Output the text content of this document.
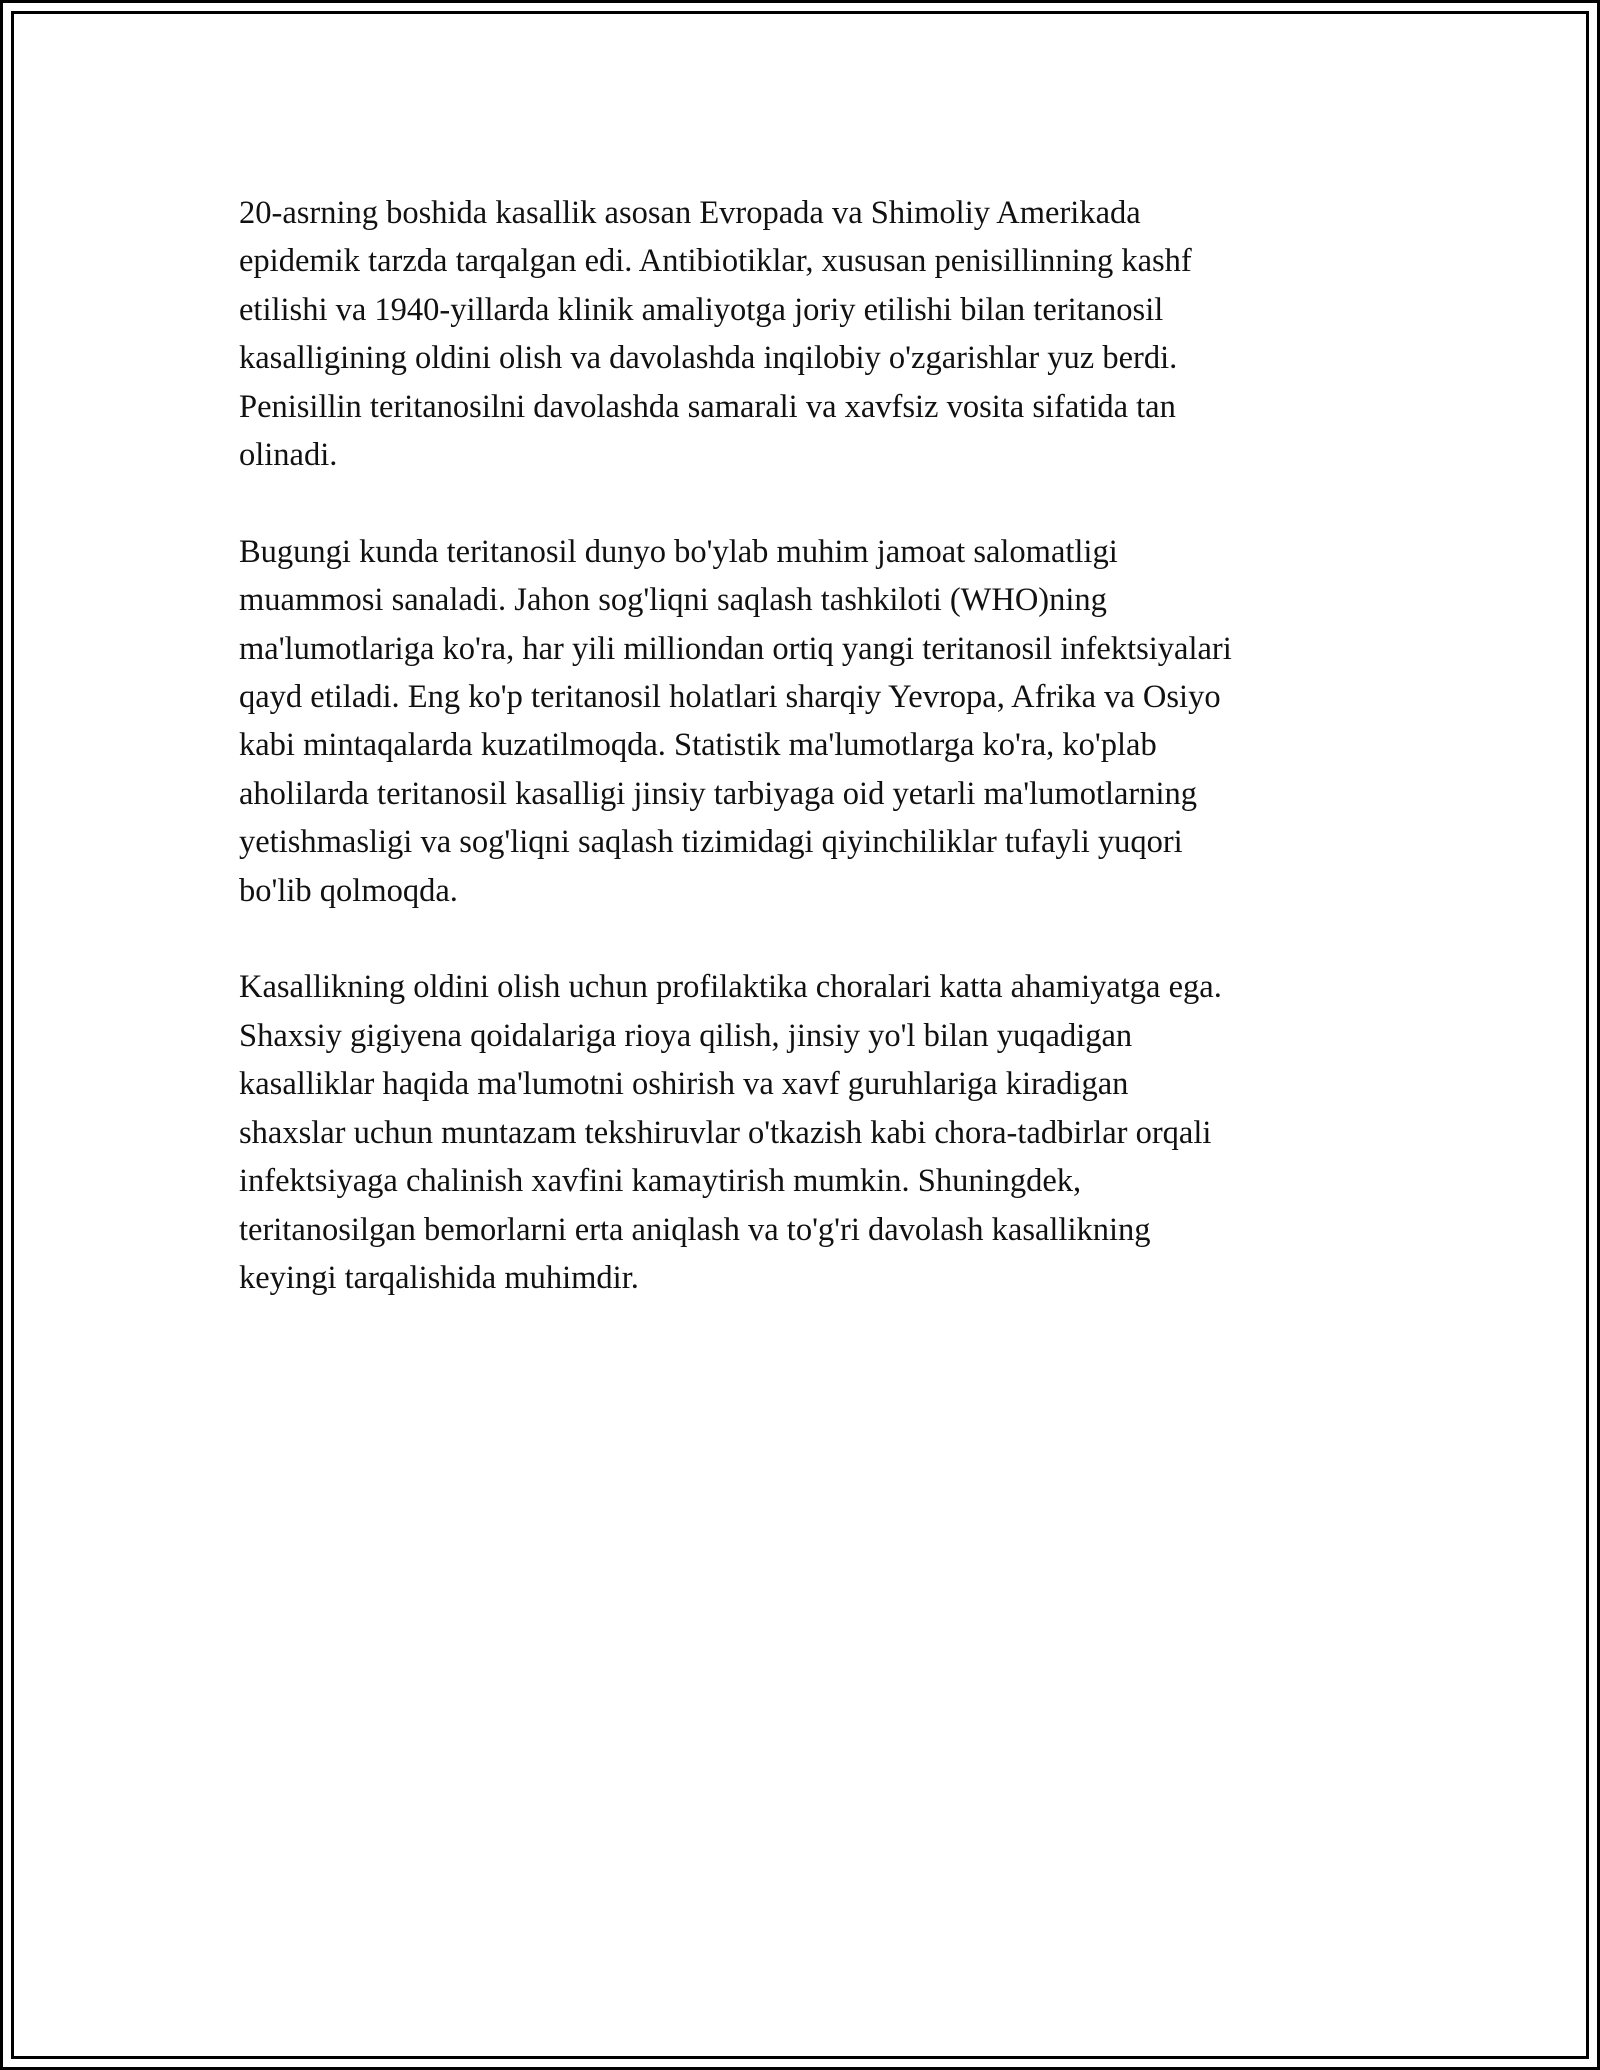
20-asrning boshida kasallik asosan Evropada va Shimoliy Amerikada
epidemik tarzda tarqalgan edi. Antibiotiklar, xususan penisillinning kashf
etilishi va 1940-yillarda klinik amaliyotga joriy etilishi bilan teritanosil
kasalligining oldini olish va davolashda inqilobiy o'zgarishlar yuz berdi.
Penisillin teritanosilni davolashda samarali va xavfsiz vosita sifatida tan
olinadi.

Bugungi kunda teritanosil dunyo bo'ylab muhim jamoat salomatligi
muammosi sanaladi. Jahon sog'liqni saqlash tashkiloti (WHO)ning
ma'lumotlariga ko'ra, har yili milliondan ortiq yangi teritanosil infektsiyalari
qayd etiladi. Eng ko'p teritanosil holatlari sharqiy Yevropa, Afrika va Osiyo
kabi mintaqalarda kuzatilmoqda. Statistik ma'lumotlarga ko'ra, ko'plab
aholilarda teritanosil kasalligi jinsiy tarbiyaga oid yetarli ma'lumotlarning
yetishmasligi va sog'liqni saqlash tizimidagi qiyinchiliklar tufayli yuqori
bo'lib qolmoqda.

Kasallikning oldini olish uchun profilaktika choralari katta ahamiyatga ega.
Shaxsiy gigiyena qoidalariga rioya qilish, jinsiy yo'l bilan yuqadigan
kasalliklar haqida ma'lumotni oshirish va xavf guruhlariga kiradigan
shaxslar uchun muntazam tekshiruvlar o'tkazish kabi chora-tadbirlar orqali
infektsiyaga chalinish xavfini kamaytirish mumkin. Shuningdek,
teritanosilgan bemorlarni erta aniqlash va to'g'ri davolash kasallikning
keyingi tarqalishida muhimdir.
